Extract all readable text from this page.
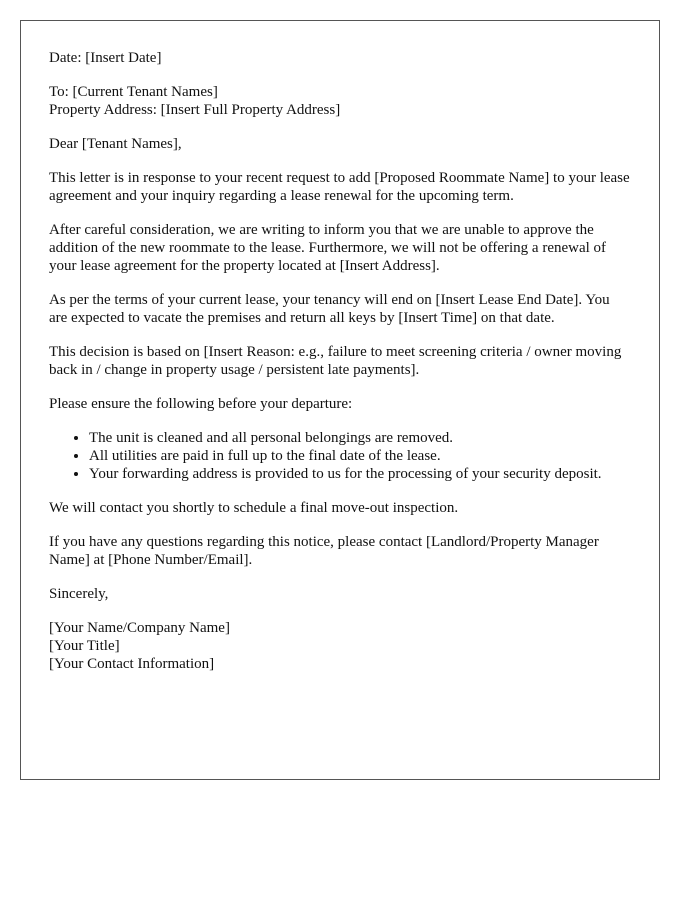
Date: [Insert Date]

To: [Current Tenant Names]

Property Address: [Insert Full Property Address]

Dear [Tenant Names],

This letter is in response to your recent request to add [Proposed Roommate Name] to your lease agreement and your inquiry regarding a lease renewal for the upcoming term.

After careful consideration, we are writing to inform you that we are unable to approve the addition of the new roommate to the lease. Furthermore, we will not be offering a renewal of your lease agreement for the property located at [Insert Address].

As per the terms of your current lease, your tenancy will end on [Insert Lease End Date]. You are expected to vacate the premises and return all keys by [Insert Time] on that date.

This decision is based on [Insert Reason: e.g., failure to meet screening criteria / owner moving back in / change in property usage / persistent late payments].

Please ensure the following before your departure:

• The unit is cleaned and all personal belongings are removed.
• All utilities are paid in full up to the final date of the lease.
• Your forwarding address is provided to us for the processing of your security deposit.

We will contact you shortly to schedule a final move-out inspection.

If you have any questions regarding this notice, please contact [Landlord/Property Manager Name] at [Phone Number/Email].

Sincerely,

[Your Name/Company Name]
[Your Title]
[Your Contact Information]
